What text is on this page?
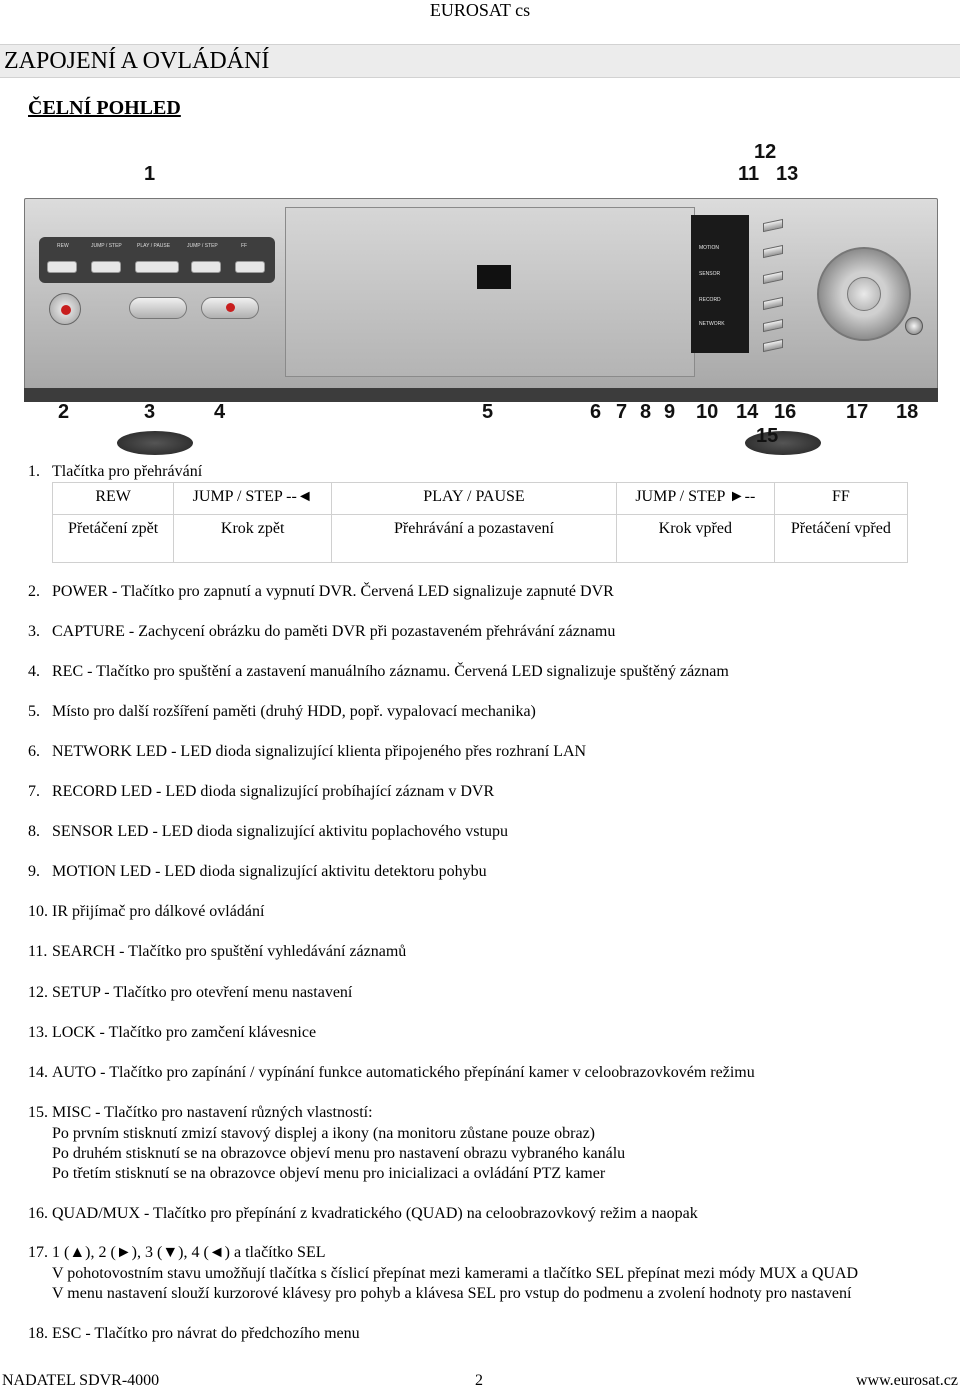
EUROSAT cs
ZAPOJENÍ A OVLÁDÁNÍ
ČELNÍ POHLED
1
12
11 13
REW	JUMP / STEP	PLAY / PAUSE	JUMP / STEP	FF	MOTION
SENSOR
RECORD
NETWORK
2	3	4	5	6 7 8 9 10 14 16 17 18
15
1. Tlačítka pro přehrávání
REW	JUMP / STEP --◄	PLAY / PAUSE	JUMP / STEP ►--	FF
Přetáčení zpět	Krok zpět	Přehrávání a pozastavení	Krok vpřed	Přetáčení vpřed
2. POWER - Tlačítko pro zapnutí a vypnutí DVR. Červená LED signalizuje zapnuté DVR
3. CAPTURE - Zachycení obrázku do paměti DVR při pozastaveném přehrávání záznamu
4. REC - Tlačítko pro spuštění a zastavení manuálního záznamu. Červená LED signalizuje spuštěný záznam
5. Místo pro další rozšíření paměti (druhý HDD, popř. vypalovací mechanika)
6. NETWORK LED - LED dioda signalizující klienta připojeného přes rozhraní LAN
7. RECORD LED - LED dioda signalizující probíhající záznam v DVR
8. SENSOR LED - LED dioda signalizující aktivitu poplachového vstupu
9. MOTION LED - LED dioda signalizující aktivitu detektoru pohybu
10. IR přijímač pro dálkové ovládání
11. SEARCH - Tlačítko pro spuštění vyhledávání záznamů
12. SETUP - Tlačítko pro otevření menu nastavení
13. LOCK - Tlačítko pro zamčení klávesnice
14. AUTO - Tlačítko pro zapínání / vypínání funkce automatického přepínání kamer v celoobrazovkovém režimu
15. MISC - Tlačítko pro nastavení různých vlastností:
Po prvním stisknutí zmizí stavový displej a ikony (na monitoru zůstane pouze obraz)
Po druhém stisknutí se na obrazovce objeví menu pro nastavení obrazu vybraného kanálu
Po třetím stisknutí se na obrazovce objeví menu pro inicializaci a ovládání PTZ kamer
16. QUAD/MUX - Tlačítko pro přepínání z kvadratického (QUAD) na celoobrazovkový režim a naopak
17. 1 (▲), 2 (►), 3 (▼), 4 (◄) a tlačítko SEL
V pohotovostním stavu umožňují tlačítka s číslicí přepínat mezi kamerami a tlačítko SEL přepínat mezi módy MUX a QUAD
V menu nastavení slouží kurzorové klávesy pro pohyb a klávesa SEL pro vstup do podmenu a zvolení hodnoty pro nastavení
18. ESC - Tlačítko pro návrat do předchozího menu
NADATEL SDVR-4000	2	www.eurosat.cz
